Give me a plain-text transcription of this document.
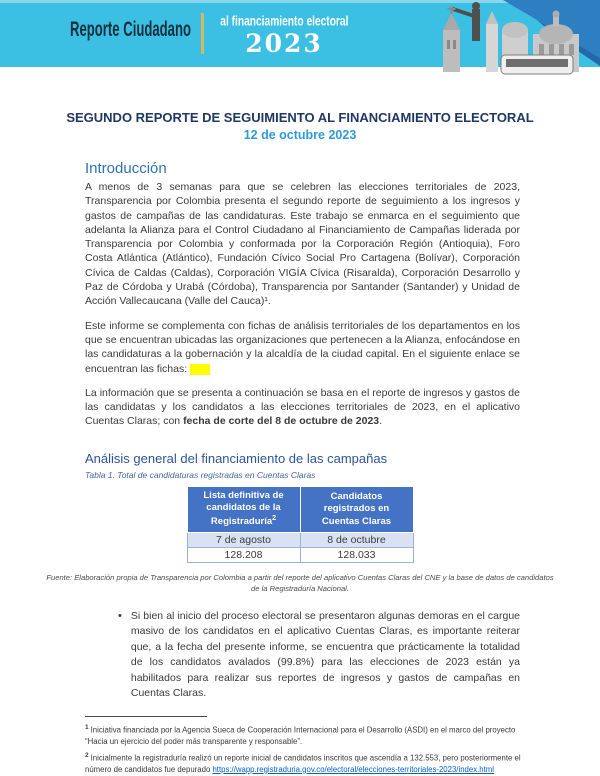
Reporte Ciudadano	al financiamiento electoral
2023
SEGUNDO REPORTE DE SEGUIMIENTO AL FINANCIAMIENTO ELECTORAL
12 de octubre 2023
Introducción

A menos de 3 semanas para que se celebren las elecciones territoriales de 2023, Transparencia por Colombia presenta el segundo reporte de seguimiento a los ingresos y gastos de campañas de las candidaturas. Este trabajo se enmarca en el seguimiento que adelanta la Alianza para el Control Ciudadano al Financiamiento de Campañas liderada por Transparencia por Colombia y conformada por la Corporación Región (Antioquia), Foro Costa Atlántica (Atlántico), Fundación Cívico Social Pro Cartagena (Bolívar), Corporación Cívica de Caldas (Caldas), Corporación VIGÍA Cívica (Risaralda), Corporación Desarrollo y Paz de Córdoba y Urabá (Córdoba), Transparencia por Santander (Santander) y Unidad de Acción Vallecaucana (Valle del Cauca)¹.

Este informe se complementa con fichas de análisis territoriales de los departamentos en los que se encuentran ubicadas las organizaciones que pertenecen a la Alianza, enfocándose en las candidaturas a la gobernación y la alcaldía de la ciudad capital. En el siguiente enlace se encuentran las fichas:

La información que se presenta a continuación se basa en el reporte de ingresos y gastos de las candidatas y los candidatos a las elecciones territoriales de 2023, en el aplicativo Cuentas Claras; con fecha de corte del 8 de octubre de 2023.

Análisis general del financiamiento de las campañas
Tabla 1. Total de candidaturas registradas en Cuentas Claras
Lista definitiva de candidatos de la Registraduría$^2$	Candidatos registrados en Cuentas Claras
7 de agosto	8 de octubre
128.208	128.033
Fuente: Elaboración propia de Transparencia por Colombia a partir del reporte del aplicativo Cuentas Claras del CNE y la base de datos de candidatos de la Registraduría Nacional.
•
Si bien al inicio del proceso electoral se presentaron algunas demoras en el cargue masivo de los candidatos en el aplicativo Cuentas Claras, es importante reiterar que, a la fecha del presente informe, se encuentra que prácticamente la totalidad de los candidatos avalados (99.8%) para las elecciones de 2023 están ya habilitados para realizar sus reportes de ingresos y gastos de campañas en Cuentas Claras.

$^1$ Iniciativa financiada por la Agencia Sueca de Cooperación Internacional para el Desarrollo (ASDI) en el marco del proyecto “Hacia un ejercicio del poder más transparente y responsable”.

$^2$ Inicialmente la registraduría realizó un reporte inicial de candidatos inscritos que ascendía a 132.553, pero posteriormente el número de candidatos fue depurado https://wapp.registraduria.gov.co/electoral/elecciones-territoriales-2023/index.html
